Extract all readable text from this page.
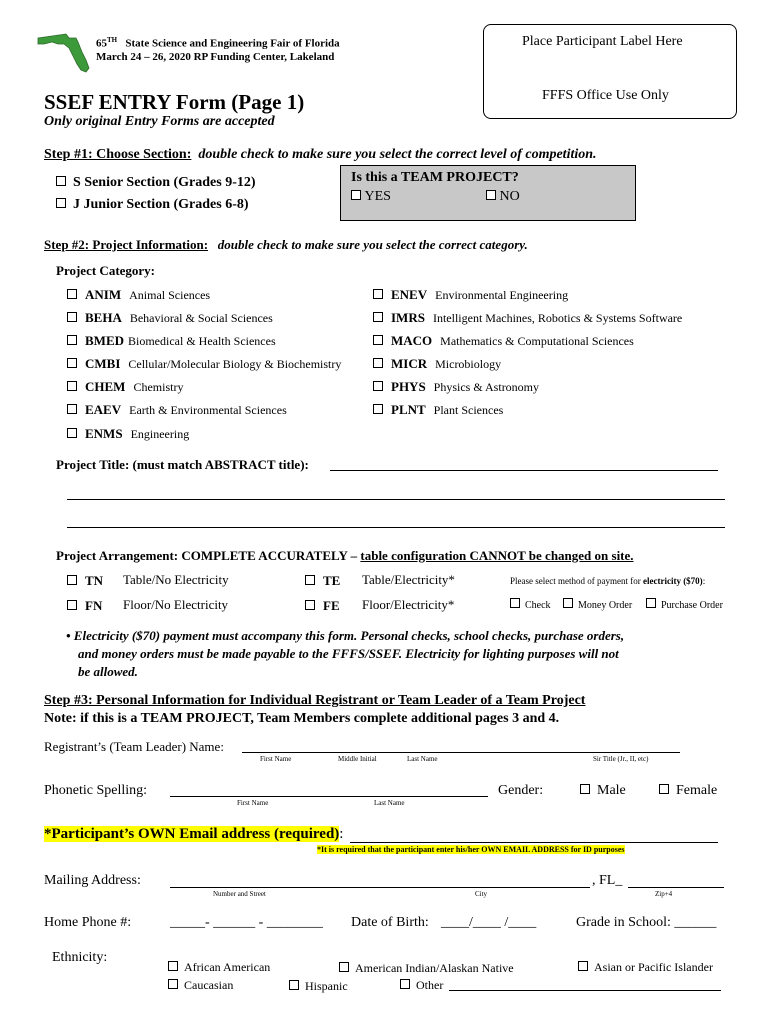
65TH State Science and Engineering Fair of Florida
March 24 – 26, 2020 RP Funding Center, Lakeland
Place Participant Label Here
FFFS Office Use Only
SSEF ENTRY Form (Page 1)
Only original Entry Forms are accepted
Step #1: Choose Section: double check to make sure you select the correct level of competition.
S Senior Section (Grades 9-12)
J Junior Section (Grades 6-8)
Is this a TEAM PROJECT?
YES	NO
Step #2: Project Information: double check to make sure you select the correct category.
Project Category:
ANIM Animal Sciences
BEHA Behavioral & Social Sciences
BMED Biomedical & Health Sciences
CMBI Cellular/Molecular Biology & Biochemistry
CHEM Chemistry
EAEV Earth & Environmental Sciences
ENMS Engineering
ENEV Environmental Engineering
IMRS Intelligent Machines, Robotics & Systems Software
MACO Mathematics & Computational Sciences
MICR Microbiology
PHYS Physics & Astronomy
PLNT Plant Sciences
Project Title: (must match ABSTRACT title):
Project Arrangement: COMPLETE ACCURATELY – table configuration CANNOT be changed on site.
TN Table/No Electricity
FN Floor/No Electricity
TE Table/Electricity*
FE Floor/Electricity*
Please select method of payment for electricity ($70):
Check	Money Order	Purchase Order
• Electricity ($70) payment must accompany this form. Personal checks, school checks, purchase orders,
and money orders must be made payable to the FFFS/SSEF. Electricity for lighting purposes will not
be allowed.
Step #3: Personal Information for Individual Registrant or Team Leader of a Team Project
Note: if this is a TEAM PROJECT, Team Members complete additional pages 3 and 4.
Registrant’s (Team Leader) Name:
First Name	Middle Initial	Last Name	Sir Title (Jr., II, etc)
Phonetic Spelling:
First Name	Last Name
Gender:	Male	Female
*Participant’s OWN Email address (required):
*It is required that the participant enter his/her OWN EMAIL ADDRESS for ID purposes
Mailing Address:
Number and Street	City
, FL_
Zip+4
Home Phone #:	_____- ______ - ________ Date of Birth: ____/____ /____	Grade in School: ______
Ethnicity:
African American	American Indian/Alaskan Native	Asian or Pacific Islander
Caucasian	Hispanic	Other
